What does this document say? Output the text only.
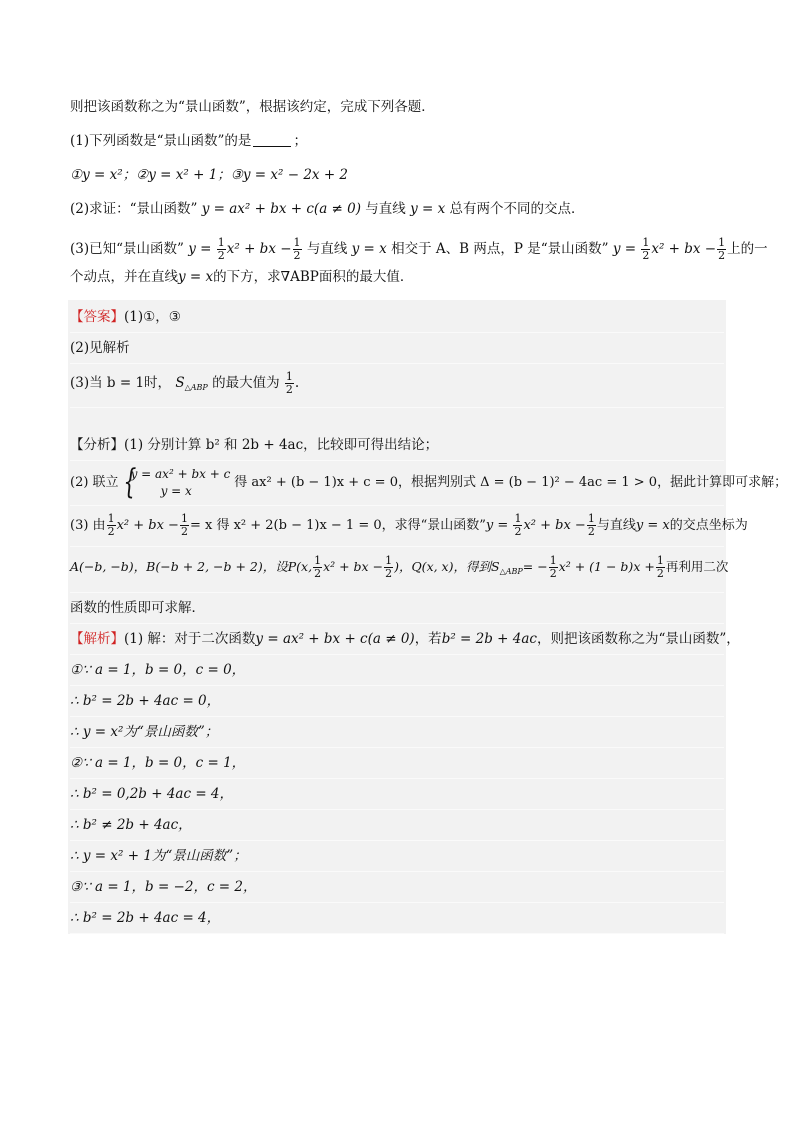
则把该函数称之为“景山函数”，根据该约定，完成下列各题．
(1)下列函数是“景山函数”的是	；
①y = x²；②y = x² + 1；③y = x² − 2x + 2
(2)求证：“景山函数” y = ax² + bx + c(a ≠ 0) 与直线 y = x 总有两个不同的交点．
(3)已知“景山函数” $y = \frac{1}{2} x^2$ + bx − $\frac{1}{2}$ 与直线 y = x 相交于 A、B 两点，P 是“景山函数” $y = \frac{1}{2} x^2$ + bx − $\frac{1}{2}$ 上的一
个动点，并在直线y = x的下方，求∇ABP面积的最大值．
【答案】(1)①，③
(2)见解析
(3)当 b = 1时， $S_{\triangle ABP}$ 的最大值为 $\frac{1}{2}$ .
【分析】(1) 分别计算 b² 和 2b + 4ac，比较即可得出结论；
(2) 联立
{ y = ax² + bx + c
y = x
得 ax² + (b − 1)x + c = 0，根据判别式 Δ = (b − 1)² − 4ac = 1 > 0，据此计算即可求解；
(3) 由 $\frac{1}{2} x^2$ + bx − $\frac{1}{2} = x$ 得 x² + 2(b − 1)x − 1 = 0，求得“景山函数”y = $\frac{1}{2} x^2$ + bx − $\frac{1}{2}$ 与直线y = x的交点坐标为
A(−b, −b)，B(−b + 2, −b + 2)，设P(x, $\frac{1}{2} x^2$ + bx − $\frac{1}{2}$ )，Q(x, x)，得到$S_{\triangle ABP}= - \frac{1}{2} x^2 + (1 - b)x + \frac{1}{2}$ 再利用二次
函数的性质即可求解．
【解析】(1) 解：对于二次函数y = ax² + bx + c(a ≠ 0)，若b² = 2b + 4ac，则把该函数称之为“景山函数”，
①∵ a = 1，b = 0，c = 0，
∴ b² = 2b + 4ac = 0，
∴ y = x²为“景山函数”；
②∵ a = 1，b = 0，c = 1，
∴ b² = 0,2b + 4ac = 4，
∴ b² ≠ 2b + 4ac，
∴ y = x² + 1为“景山函数”；
③∵ a = 1，b = −2，c = 2，
∴ b² = 2b + 4ac = 4，
